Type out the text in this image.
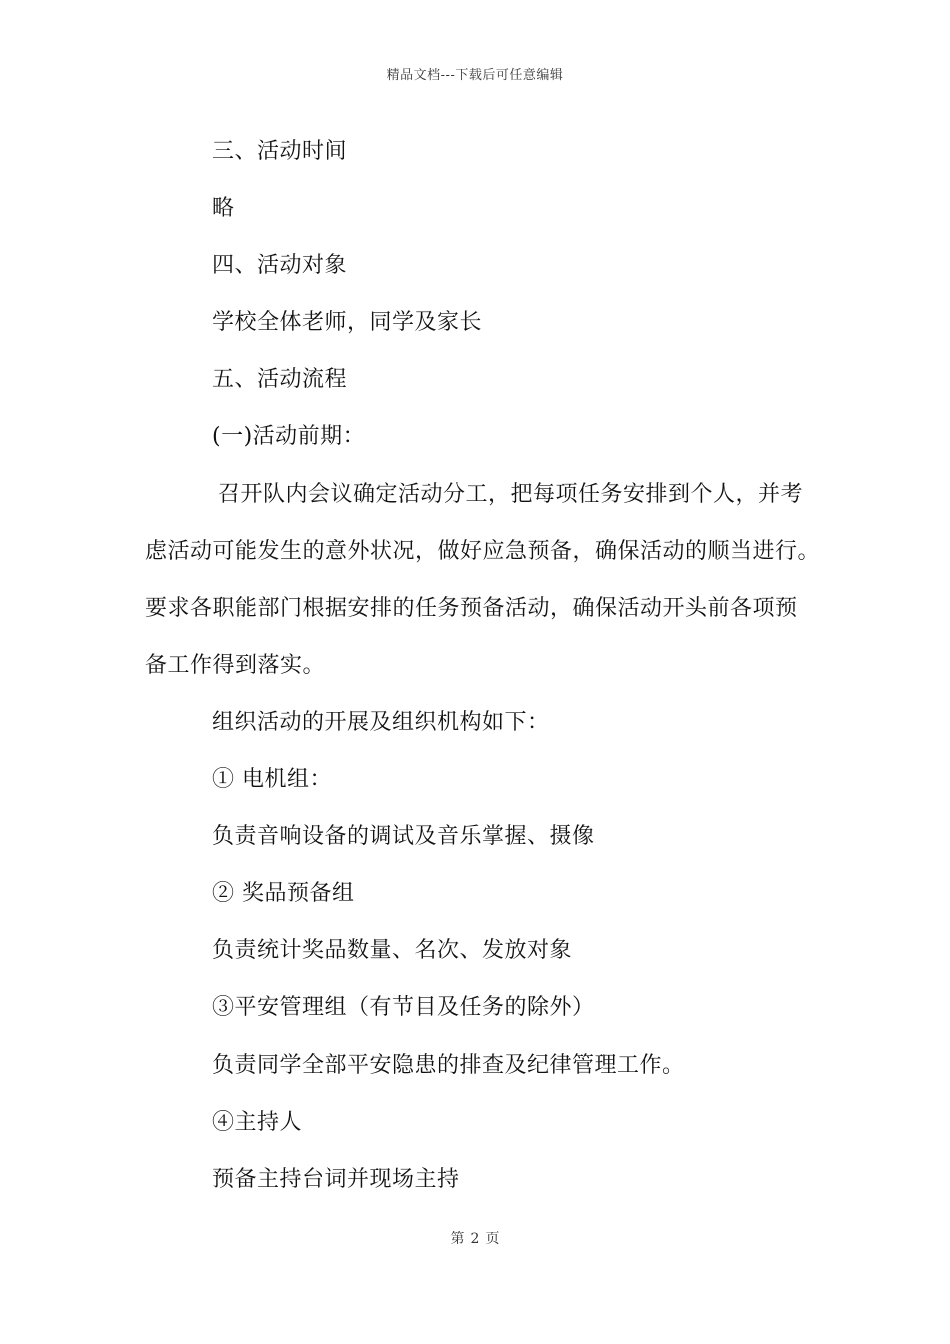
精品文档---下载后可任意编辑
三、活动时间
略
四、活动对象
学校全体老师，同学及家长
五、活动流程
(一)活动前期：
召开队内会议确定活动分工，把每项任务安排到个人，并考
虑活动可能发生的意外状况，做好应急预备，确保活动的顺当进行。
要求各职能部门根据安排的任务预备活动，确保活动开头前各项预
备工作得到落实。
组织活动的开展及组织机构如下：
① 电机组：
负责音响设备的调试及音乐掌握、摄像
② 奖品预备组
负责统计奖品数量、名次、发放对象
③平安管理组（有节目及任务的除外）
负责同学全部平安隐患的排查及纪律管理工作。
④主持人
预备主持台词并现场主持
第 2 页
